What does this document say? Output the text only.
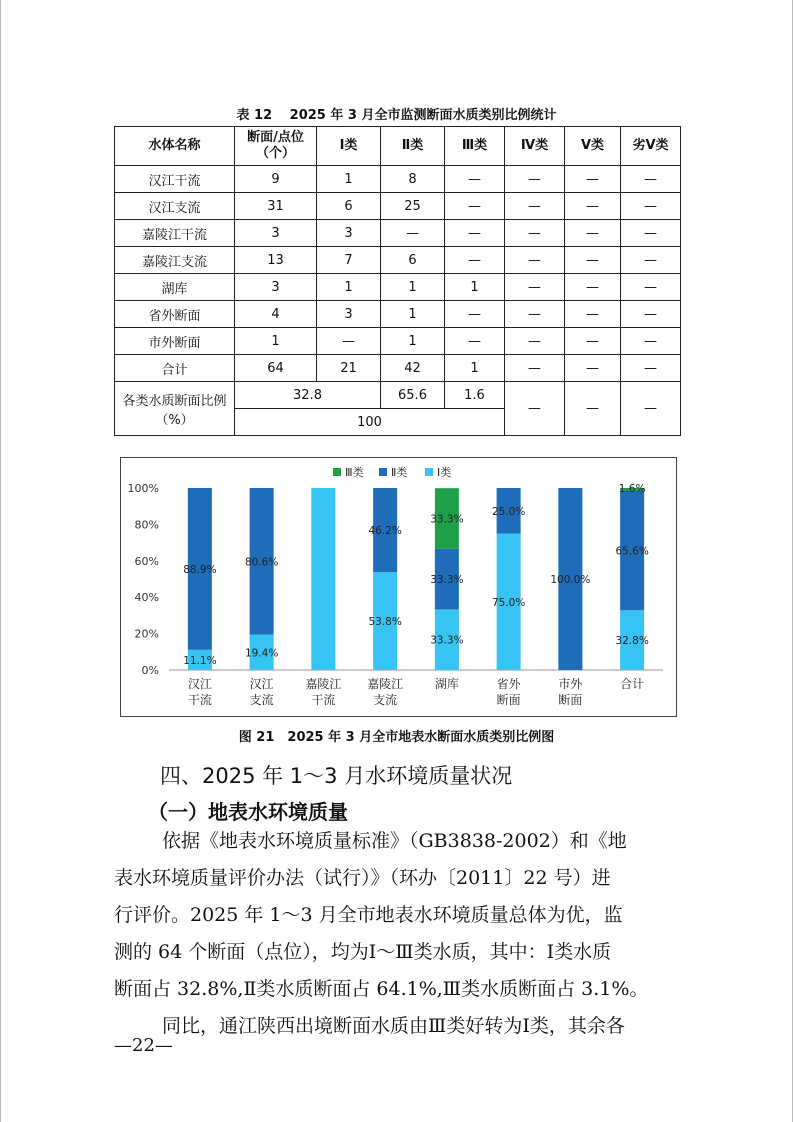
表 12　 2025 年 3 月全市监测断面水质类别比例统计
水体名称	断面/点位（个）	Ⅰ类	Ⅱ类	Ⅲ类	Ⅳ类	Ⅴ类	劣Ⅴ类
汉江干流	9	1	8	—	—	—	—
汉江支流	31	6	25	—	—	—	—
嘉陵江干流	3	3	—	—	—	—	—
嘉陵江支流	13	7	6	—	—	—	—
湖库	3	1	1	1	—	—	—
省外断面	4	3	1	—	—	—	—
市外断面	1	—	1	—	—	—	—
合计	64	21	42	1	—	—	—
各类水质断面比例（%）	32.8		65.6	1.6	—	—	—
	100						
0%
20%
40%
60%
80%
100%
11.1%
88.9%
汉江
干流
19.4%
80.6%
汉江
支流
嘉陵江
干流
53.8%
46.2%
嘉陵江
支流
33.3%
33.3%
33.3%
湖库
75.0%
25.0%
省外
断面
100.0%
市外
断面
32.8%
65.6%
1.6%
合计
Ⅲ类 Ⅱ类	Ⅰ类
图 21　2025 年 3 月全市地表水断面水质类别比例图
四、2025 年 1～3 月水环境质量状况
（一）地表水环境质量
依据《地表水环境质量标准》（GB3838-2002）和《地
表水环境质量评价办法（试行）》（环办〔2011〕22 号）进
行评价。2025 年 1～3 月全市地表水环境质量总体为优，监
测的 64 个断面（点位），均为Ⅰ～Ⅲ类水质，其中：Ⅰ类水质
断面占 32.8%,Ⅱ类水质断面占 64.1%,Ⅲ类水质断面占 3.1%。
同比，通江陕西出境断面水质由Ⅲ类好转为Ⅰ类，其余各
—22—
